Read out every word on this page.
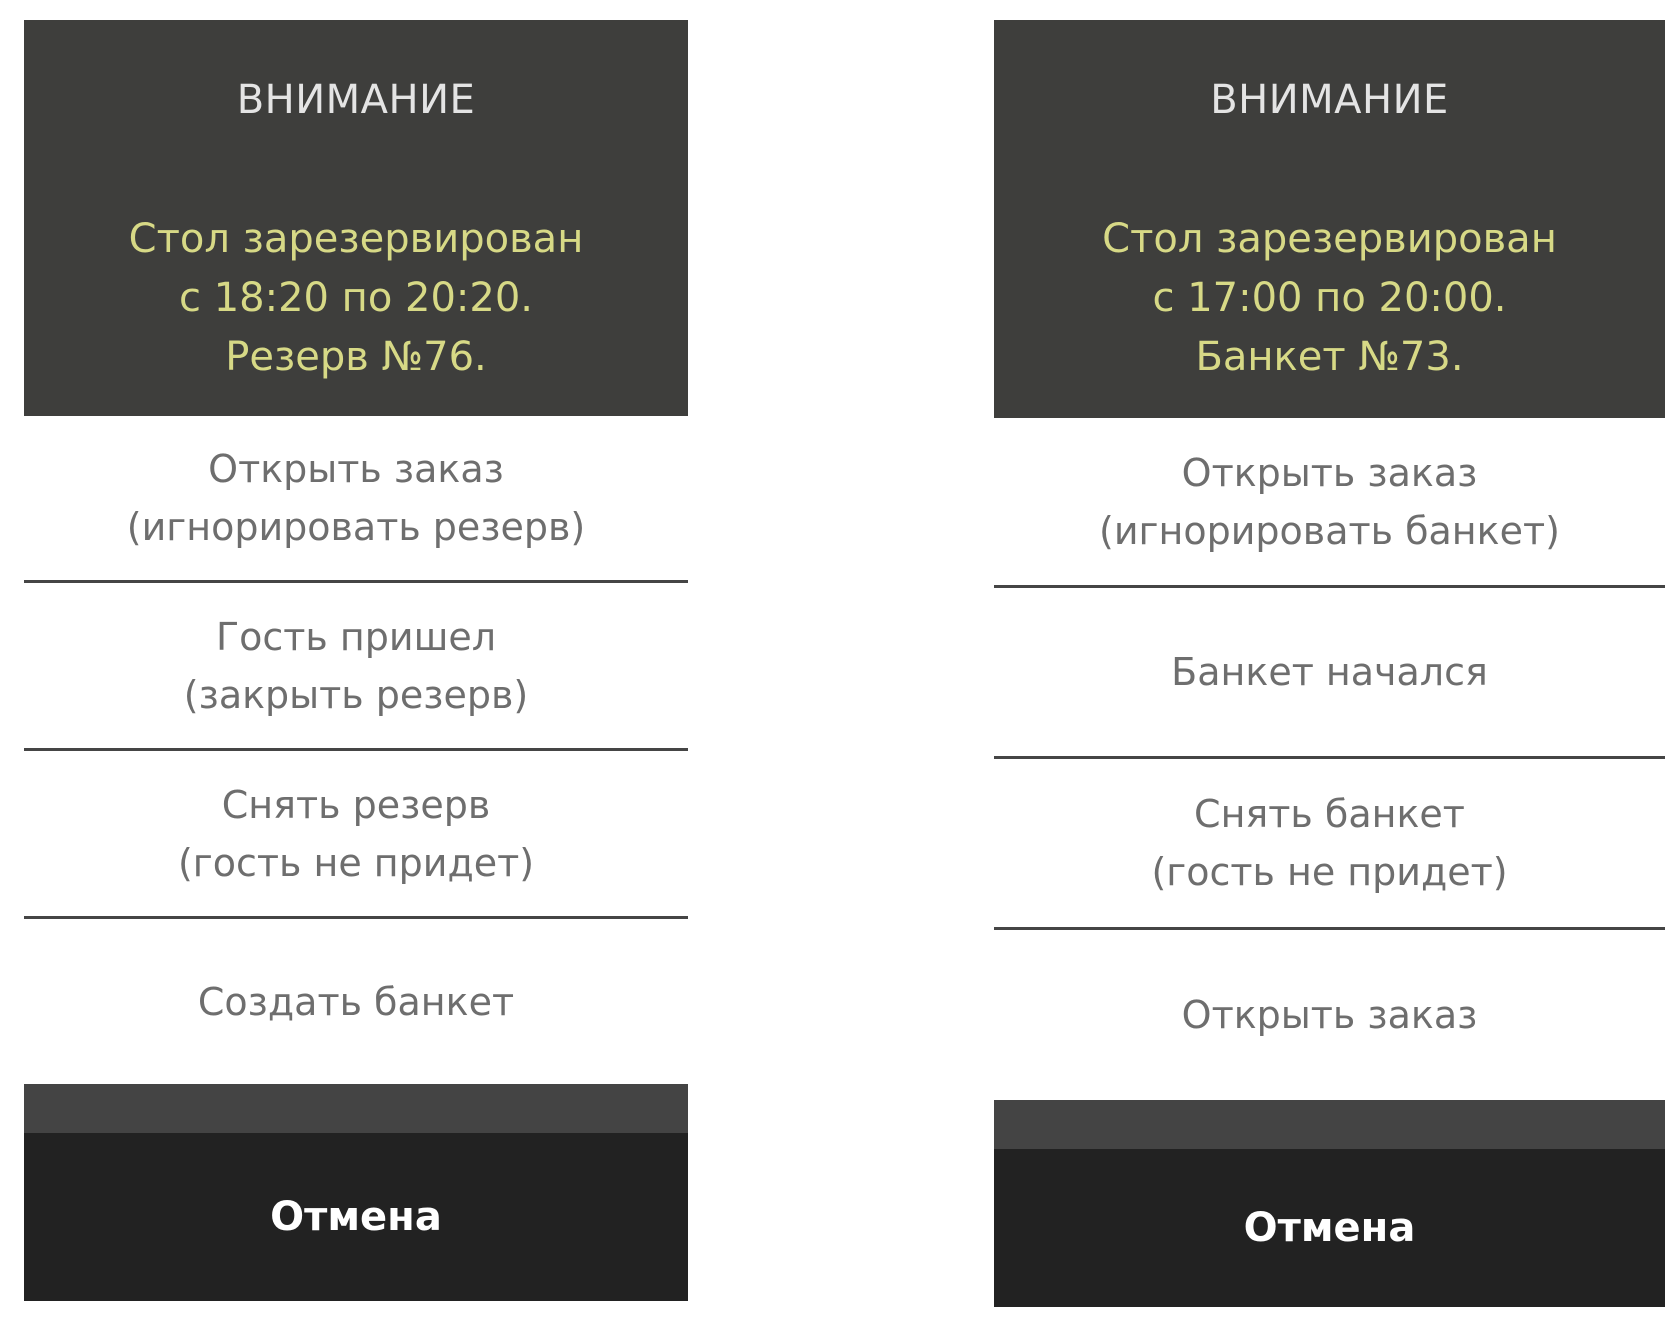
ВНИМАНИЕ
Стол зарезервирован
с 18:20 по 20:20.
Резерв №76.
Открыть заказ
(игнорировать резерв)
Гость пришел
(закрыть резерв)
Снять резерв
(гость не придет)
Создать банкет
Отмена
ВНИМАНИЕ
Стол зарезервирован
с 17:00 по 20:00.
Банкет №73.
Открыть заказ
(игнорировать банкет)
Банкет начался
Снять банкет
(гость не придет)
Открыть заказ
Отмена
